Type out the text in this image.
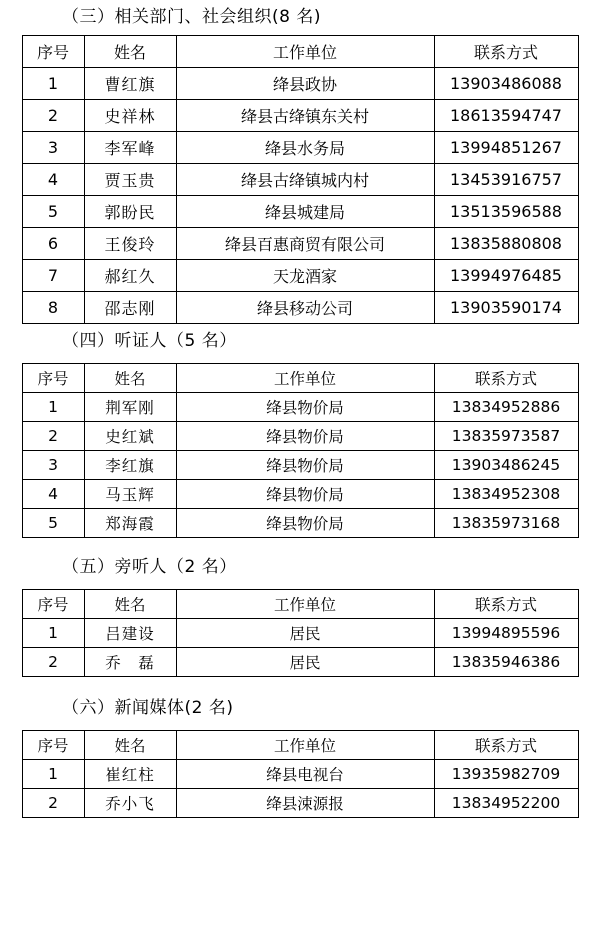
（三）相关部门、社会组织(8 名)

序号	姓名	工作单位	联系方式
1	曹红旗	绛县政协	13903486088
2	史祥林	绛县古绛镇东关村	18613594747
3	李军峰	绛县水务局	13994851267
4	贾玉贵	绛县古绛镇城内村	13453916757
5	郭盼民	绛县城建局	13513596588
6	王俊玲	绛县百惠商贸有限公司	13835880808
7	郝红久	天龙酒家	13994976485
8	邵志刚	绛县移动公司	13903590174

（四）听证人（5 名）

序号	姓名	工作单位	联系方式
1	荆军刚	绛县物价局	13834952886
2	史红斌	绛县物价局	13835973587
3	李红旗	绛县物价局	13903486245
4	马玉辉	绛县物价局	13834952308
5	郑海霞	绛县物价局	13835973168

（五）旁听人（2 名）

序号	姓名	工作单位	联系方式
1	吕建设	居民	13994895596
2	乔　磊	居民	13835946386

（六）新闻媒体(2 名)

序号	姓名	工作单位	联系方式
1	崔红柱	绛县电视台	13935982709
2	乔小飞	绛县涑源报	13834952200
